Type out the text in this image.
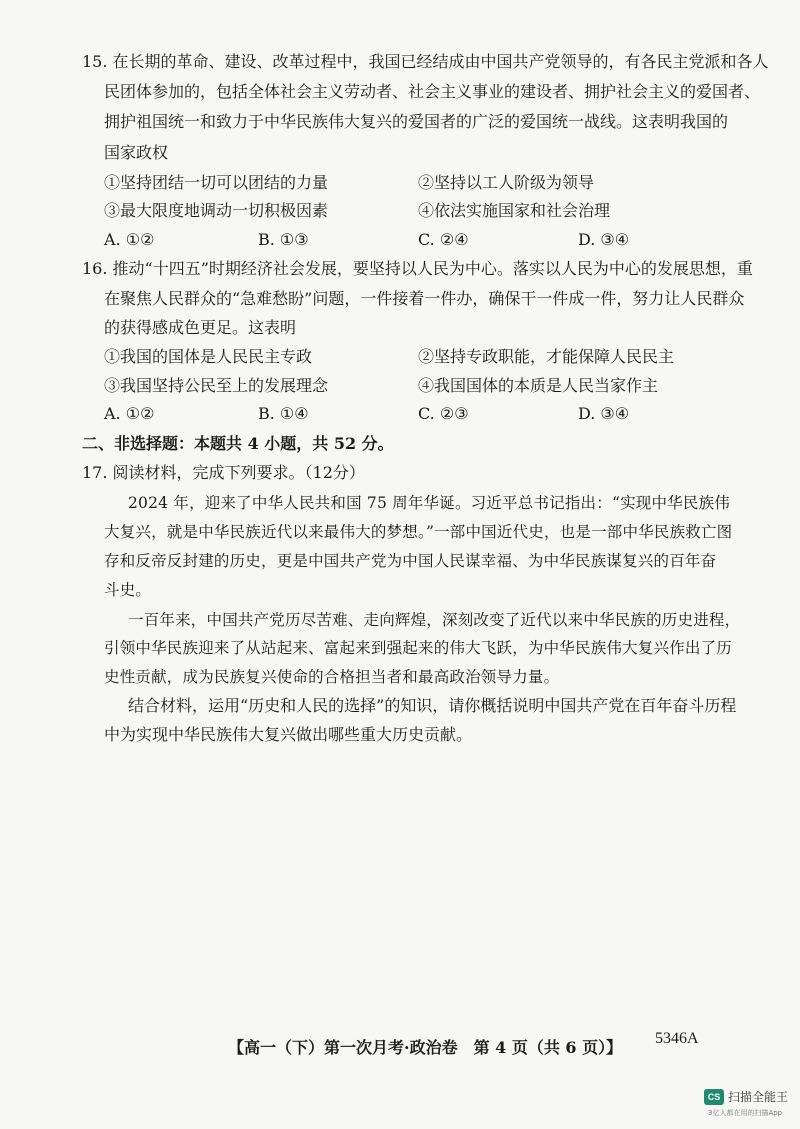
15. 在长期的革命、建设、改革过程中，我国已经结成由中国共产党领导的，有各民主党派和各人
民团体参加的，包括全体社会主义劳动者、社会主义事业的建设者、拥护社会主义的爱国者、
拥护祖国统一和致力于中华民族伟大复兴的爱国者的广泛的爱国统一战线。这表明我国的
国家政权
①坚持团结一切可以团结的力量	②坚持以工人阶级为领导
③最大限度地调动一切积极因素	④依法实施国家和社会治理
A. ①②	B. ①③	C. ②④	D. ③④
16. 推动“十四五”时期经济社会发展，要坚持以人民为中心。落实以人民为中心的发展思想，重
在聚焦人民群众的“急难愁盼”问题，一件接着一件办，确保干一件成一件，努力让人民群众
的获得感成色更足。这表明
①我国的国体是人民民主专政	②坚持专政职能，才能保障人民民主
③我国坚持公民至上的发展理念	④我国国体的本质是人民当家作主
A. ①②	B. ①④	C. ②③	D. ③④
二、非选择题：本题共 4 小题，共 52 分。
17. 阅读材料，完成下列要求。（12分）
2024 年，迎来了中华人民共和国 75 周年华诞。习近平总书记指出：“实现中华民族伟
大复兴，就是中华民族近代以来最伟大的梦想。”一部中国近代史，也是一部中华民族救亡图
存和反帝反封建的历史，更是中国共产党为中国人民谋幸福、为中华民族谋复兴的百年奋
斗史。
一百年来，中国共产党历尽苦难、走向辉煌，深刻改变了近代以来中华民族的历史进程，
引领中华民族迎来了从站起来、富起来到强起来的伟大飞跃，为中华民族伟大复兴作出了历
史性贡献，成为民族复兴使命的合格担当者和最高政治领导力量。
结合材料，运用“历史和人民的选择”的知识，请你概括说明中国共产党在百年奋斗历程
中为实现中华民族伟大复兴做出哪些重大历史贡献。
【高一（下）第一次月考·政治卷　第 4 页（共 6 页）】 5346A
CS 扫描全能王
3亿人都在用的扫描App
